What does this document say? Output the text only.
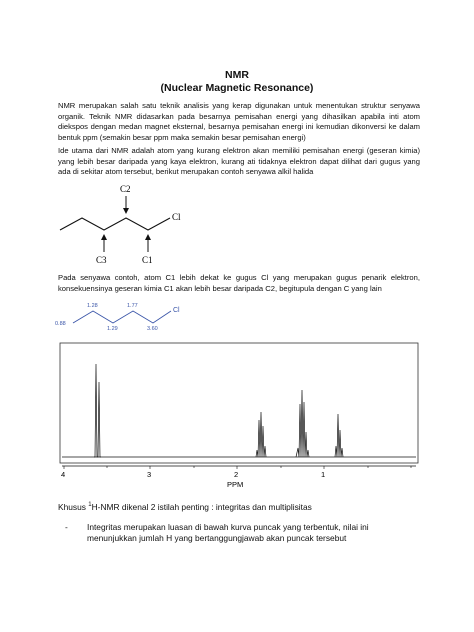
NMR
(Nuclear Magnetic Resonance)
NMR merupakan salah satu teknik analisis yang kerap digunakan untuk menentukan struktur senyawa organik. Teknik NMR didasarkan pada besarnya pemisahan energi yang dihasilkan apabila inti atom diekspos dengan medan magnet eksternal, besarnya pemisahan energi ini kemudian dikonversi ke dalam bentuk ppm (semakin besar ppm maka semakin besar pemisahan energi)
Ide utama dari NMR adalah atom yang kurang elektron akan memiliki pemisahan energi (geseran kimia) yang lebih besar daripada yang kaya elektron, kurang ati tidaknya elektron dapat dilihat dari gugus yang ada di sekitar atom tersebut, berikut merupakan contoh senyawa alkil halida
C2
C3	C1
Cl
Pada senyawa contoh, atom C1 lebih dekat ke gugus Cl yang merupakan gugus penarik elektron, konsekuensinya geseran kimia C1 akan lebih besar daripada C2, begitupula dengan C yang lain
0.88
1.28
1.29
1.77
3.60
Cl
4	3	2	1
PPM
Khusus $^1$H-NMR dikenal 2 istilah penting : integritas dan multiplisitas
- Integritas merupakan luasan di bawah kurva puncak yang terbentuk, nilai ini menunjukkan jumlah H yang bertanggungjawab akan puncak tersebut
